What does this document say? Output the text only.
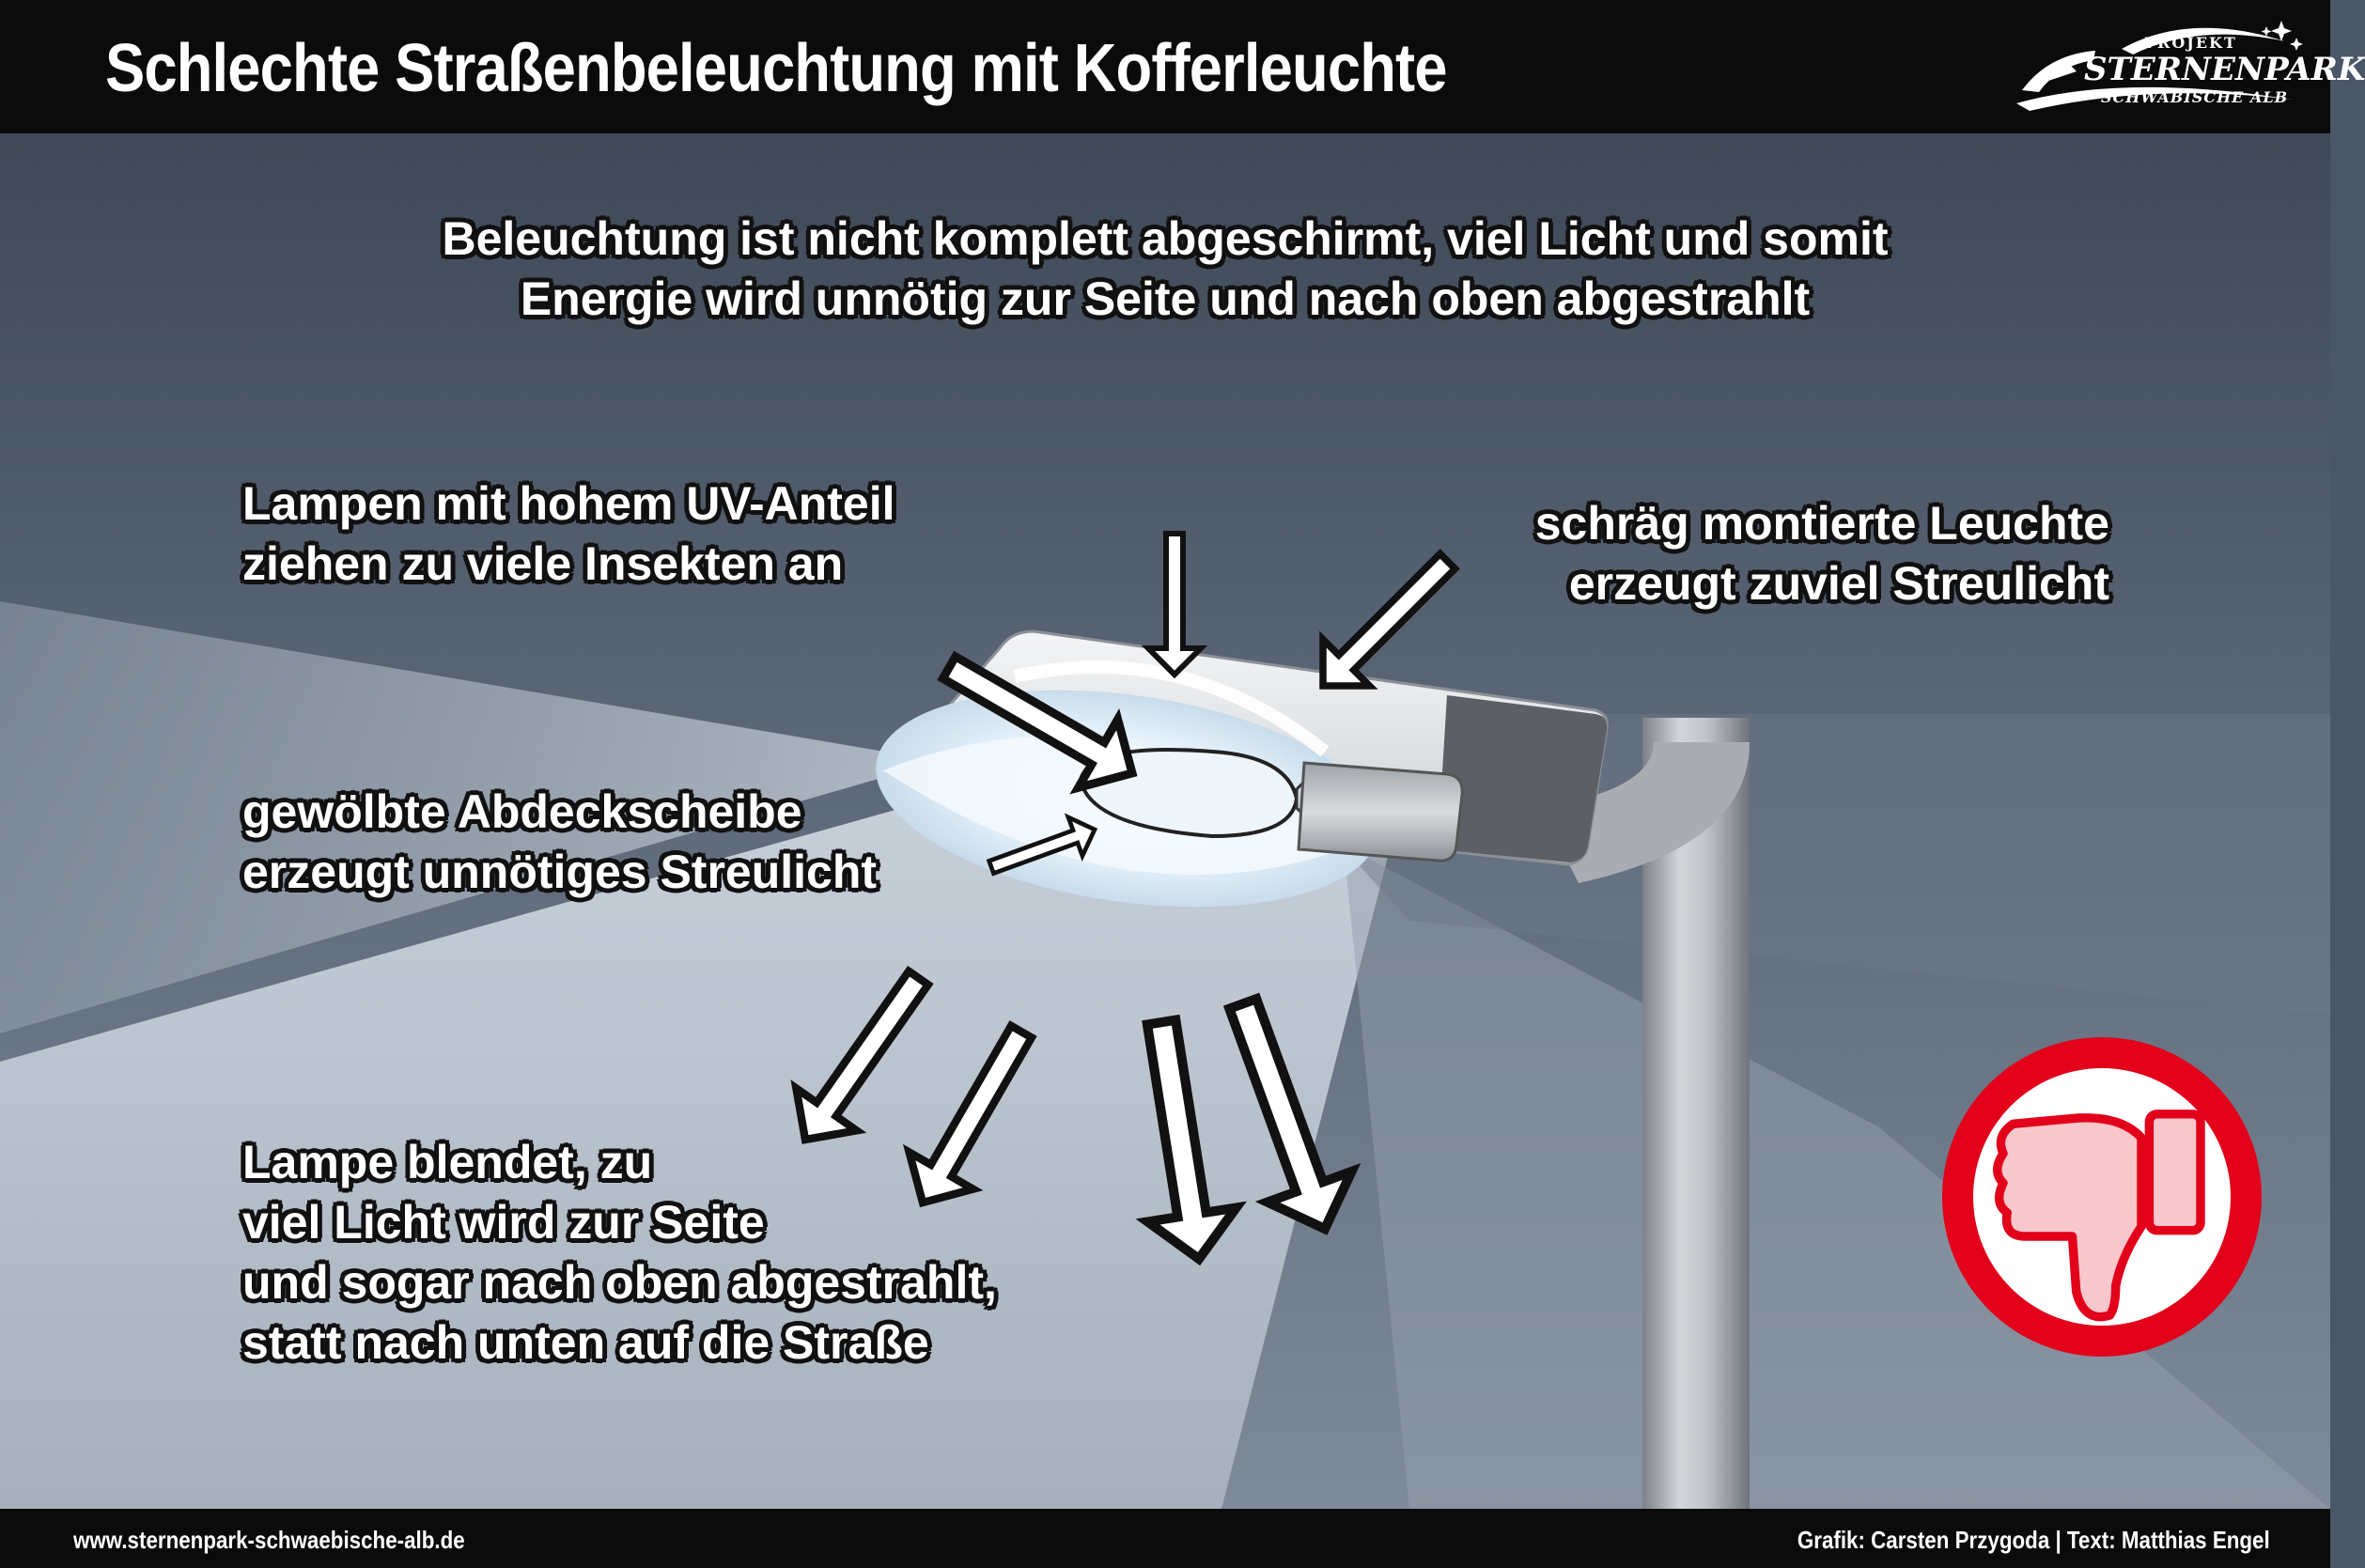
Schlechte Straßenbeleuchtung mit Kofferleuchte	PROJEKT
STERNENPARK
SCHWÄBISCHE ALB
Beleuchtung ist nicht komplett abgeschirmt, viel Licht und somit
Energie wird unnötig zur Seite und nach oben abgestrahlt
Lampen mit hohem UV-Anteil
ziehen zu viele Insekten an
schräg montierte Leuchte
erzeugt zuviel Streulicht
gewölbte Abdeckscheibe
erzeugt unnötiges Streulicht
Lampe blendet, zu
viel Licht wird zur Seite
und sogar nach oben abgestrahlt,
statt nach unten auf die Straße
www.sternenpark-schwaebische-alb.de	Grafik: Carsten Przygoda | Text: Matthias Engel
